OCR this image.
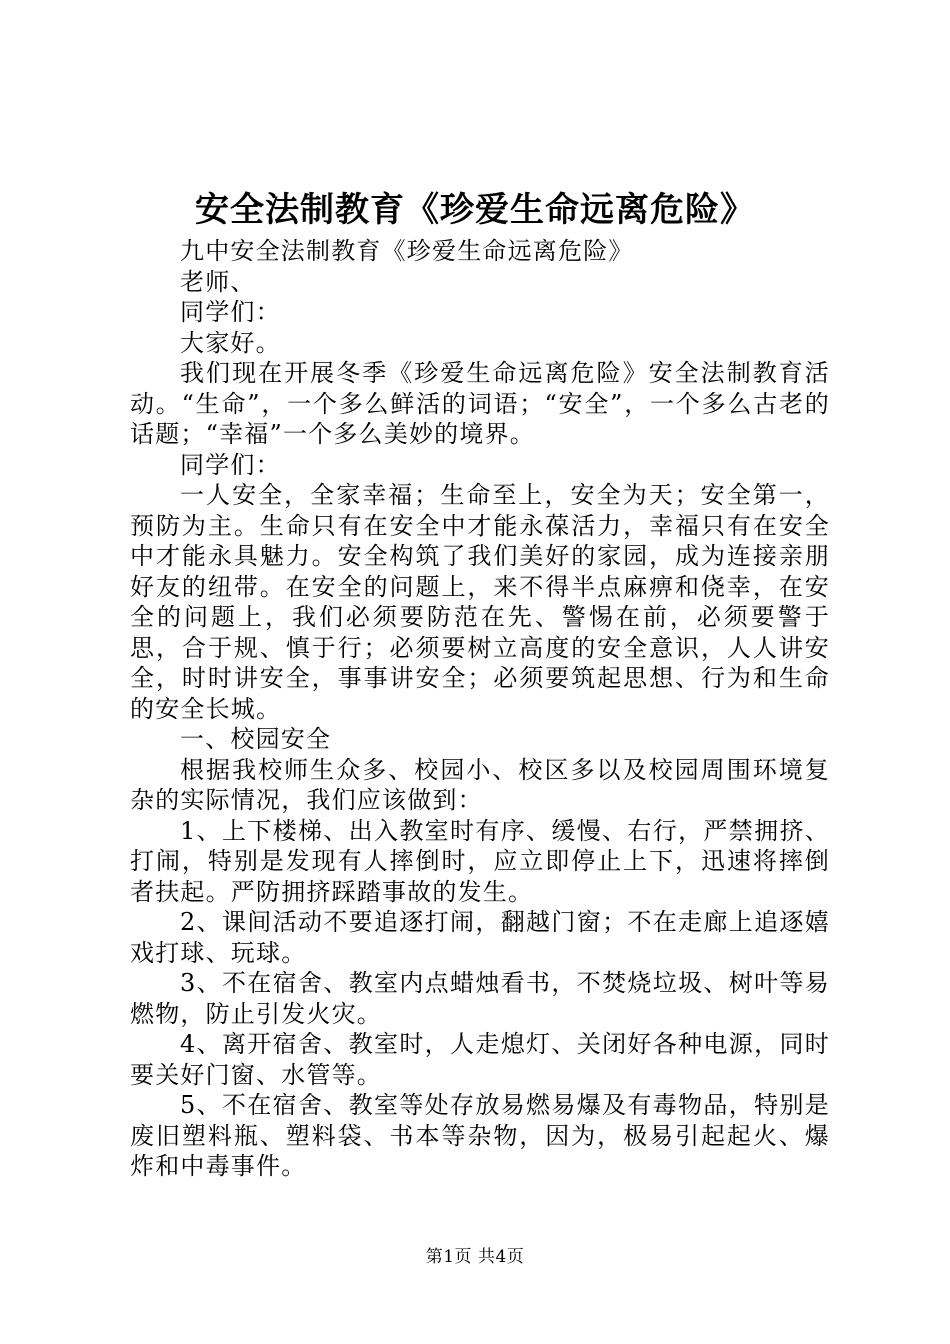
安全法制教育《珍爱生命远离危险》

九中安全法制教育《珍爱生命远离危险》

老师、

同学们：

大家好。

我们现在开展冬季《珍爱生命远离危险》安全法制教育活动。“生命”，一个多么鲜活的词语；“安全”，一个多么古老的话题；“幸福”一个多么美妙的境界。

同学们：

一人安全，全家幸福；生命至上，安全为天；安全第一，预防为主。生命只有在安全中才能永葆活力，幸福只有在安全中才能永具魅力。安全构筑了我们美好的家园，成为连接亲朋好友的纽带。在安全的问题上，来不得半点麻痹和侥幸，在安全的问题上，我们必须要防范在先、警惕在前，必须要警于思，合于规、慎于行；必须要树立高度的安全意识，人人讲安全，时时讲安全，事事讲安全；必须要筑起思想、行为和生命的安全长城。

一、校园安全

根据我校师生众多、校园小、校区多以及校园周围环境复杂的实际情况，我们应该做到：

1、上下楼梯、出入教室时有序、缓慢、右行，严禁拥挤、打闹，特别是发现有人摔倒时，应立即停止上下，迅速将摔倒者扶起。严防拥挤踩踏事故的发生。

2、课间活动不要追逐打闹，翻越门窗；不在走廊上追逐嬉戏打球、玩球。

3、不在宿舍、教室内点蜡烛看书，不焚烧垃圾、树叶等易燃物，防止引发火灾。

4、离开宿舍、教室时，人走熄灯、关闭好各种电源，同时要关好门窗、水管等。

5、不在宿舍、教室等处存放易燃易爆及有毒物品，特别是废旧塑料瓶、塑料袋、书本等杂物，因为，极易引起起火、爆炸和中毒事件。

第1页 共4页
